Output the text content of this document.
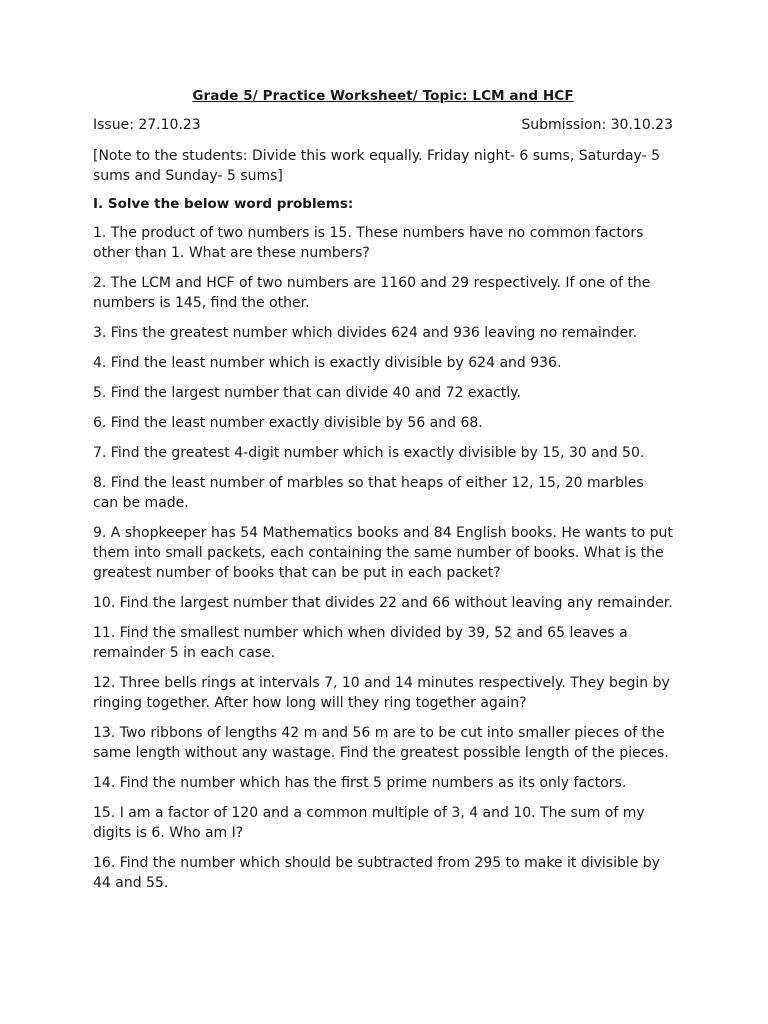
Grade 5/ Practice Worksheet/ Topic: LCM and HCF
Issue: 27.10.23	Submission: 30.10.23
[Note to the students: Divide this work equally. Friday night- 6 sums, Saturday- 5 sums and Sunday- 5 sums]
I. Solve the below word problems:
1. The product of two numbers is 15. These numbers have no common factors other than 1. What are these numbers?
2. The LCM and HCF of two numbers are 1160 and 29 respectively. If one of the numbers is 145, find the other.
3. Fins the greatest number which divides 624 and 936 leaving no remainder.
4. Find the least number which is exactly divisible by 624 and 936.
5. Find the largest number that can divide 40 and 72 exactly.
6. Find the least number exactly divisible by 56 and 68.
7. Find the greatest 4-digit number which is exactly divisible by 15, 30 and 50.
8. Find the least number of marbles so that heaps of either 12, 15, 20 marbles can be made.
9. A shopkeeper has 54 Mathematics books and 84 English books. He wants to put them into small packets, each containing the same number of books. What is the greatest number of books that can be put in each packet?
10. Find the largest number that divides 22 and 66 without leaving any remainder.
11. Find the smallest number which when divided by 39, 52 and 65 leaves a remainder 5 in each case.
12. Three bells rings at intervals 7, 10 and 14 minutes respectively. They begin by ringing together. After how long will they ring together again?
13. Two ribbons of lengths 42 m and 56 m are to be cut into smaller pieces of the same length without any wastage. Find the greatest possible length of the pieces.
14. Find the number which has the first 5 prime numbers as its only factors.
15. I am a factor of 120 and a common multiple of 3, 4 and 10. The sum of my digits is 6. Who am I?
16. Find the number which should be subtracted from 295 to make it divisible by 44 and 55.
